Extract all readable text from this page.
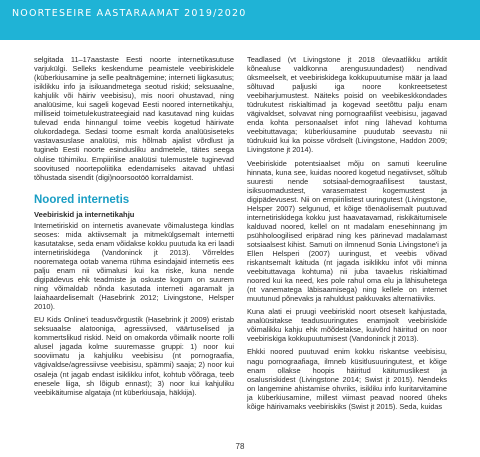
NOORTESEIRE AASTARAAMAT 2019/2020

selgitada 11–17aastaste Eesti noorte internetikasutuse varjukülgi. Selleks keskendume peamistele veebiriskidele (küberkiusamine ja selle pealtnägemine; interneti liigkasutus; isiklikku info ja isikuandmetega seotud riskid; seksuaalne, kahjulik või häiriv veebisisu), mis noori ohustavad, ning analüüsime, kui sageli kogevad Eesti noored internetikahju, milliseid toimetulekustrateegiaid nad kasutavad ning kuidas tulevad enda hinnangul toime veebis kogetud häirivate olukordadega. Sedasi toome esmalt korda analüüsiseteks vastavasuslase analüüsi, mis hõlmab ajalist võrdlust ja tugineb Eesti noorte esindusliku andmetele, täites seega olulise tühimiku. Empiirilise analüüsi tulemustele tuginevad soovitused noortepoliitika edendamiseks aitavad uhtlasi tõhustada sisendit (digi)noorsootöö korraldamist.

Noored internetis
Veebiriskid ja internetikahju

Internetiriskid on internetis avanevate võimalustega kindlas seoses: mida aktiivsemalt ja mitmekülgsemalt internetti kasutatakse, seda enam võidakse kokku puutuda ka eri laadi internetiriskidega (Vandoninck jt 2013). Võrreldes noorematega ootab vanema rühma esindajaid internetis ees palju enam nii võimalusi kui ka riske, kuna nende digipädevus ehk teadmiste ja oskuste kogum on suurem ning võimaldab nõnda kasutada interneti agaramalt ja laiahaardelisemalt (Hasebrink 2012; Livingstone, Helsper 2010).

EU Kids Online'i teadusvõrgustik (Hasebrink jt 2009) eristab seksuaalse alatooniga, agressiivsed, väärtuselised ja kommertslikud riskid. Neid on omakorda võimalik noorte rolli alusel jagada kolme suuremasse gruppi: 1) noor kui sooviimatu ja kahjuliku veebisisu (nt pornograafia, vägivaldse/agressiivse veebisisu, spämmi) saaja; 2) noor kui osaleja (nt jagab endast isiklikku infot, kohtub võõraga, teeb enesele liiga, sh lõigub ennast); 3) noor kui kahjuliku veebikäitumise algataja (nt küberkiusaja, häkkija).

Teadlased (vt Livingstone jt 2018 ülevaatlikku artiklit kõnealuse valdkonna arengusuundadest) nendivad üksmeelselt, et veebiriskidega kokkupuutumise määr ja laad sõltuvad paljuski iga noore konkreetsetest veebiharjumustest. Näiteks poisid on veebikeskkondades tüdrukutest riskialtimad ja kogevad seetõttu palju enam vägivaldset, solvavat ning pornograafilist veebisisu, jagavad enda kohta personaalset infot ning lähevad kohtuma veebituttavaga; küberkiusamine puudutab seevastu nii tüdrukuid kui ka poisse võrdselt (Livingstone, Haddon 2009; Livingstone jt 2014).

Veebiriskide potentsiaalset mõju on samuti keeruline hinnata, kuna see, kuidas noored kogetud negatiivset, sõltub suuresti nende sotsiaal-demograafilisest taustast, isiksuomadustest, varasematest kogemustest ja digipädevusest. Nii on empiirilistest uuringutest (Livingstone, Helsper 2007) selgunud, et kõige tõenäolisemalt puutuvad internetiriskidega kokku just haavatavamad, riskikäitumisele kalduvad noored, kellel on nt madalam enesehinnang jm psühholoogilised eripärad ning kes pärinevad madalamast sotsiaalsest kihist. Samuti on ilmnenud Sonia Livingstone'i ja Ellen Helsperi (2007) uuringust, et veebis võivad riskantsemalt käituda (nt jagada isiklikku infot või minna veebituttavaga kohtuma) nii juba tavaelus riskialtimad noored kui ka need, kes pole rahul oma elu ja lähisuhetega (nt vanematega läbisaamisega) ning kellele on internet muutunud põnevaks ja rahuldust pakkuvaks alternatiiviks.

Kuna alati ei pruugi veebiriskid noort otseselt kahjustada, analüüsitakse teadusuuringutes enamjaolt veebiriskide võimalikku kahju ehk mõõdetakse, kuivõrd häiritud on noor veebiriskiga kokkupuutumisest (Vandoninck jt 2013).

Ehkki noored puutuvad enim kokku riskantse veebisisu, nagu pornograafiaga, ilmneb küsitlusuuringutest, et kõige enam ollakse hoopis häiritud käitumuslikest ja osalusriskidest (Livingstone 2014; Swist jt 2015). Nendeks on langemine ahistamise ohvriks, isikliku info kuritarvitamine ja küberkiusamine, millest viimast peavad noored üheks kõige häirivamaks veebiriskiks (Swist jt 2015). Seda, kuidas

78
